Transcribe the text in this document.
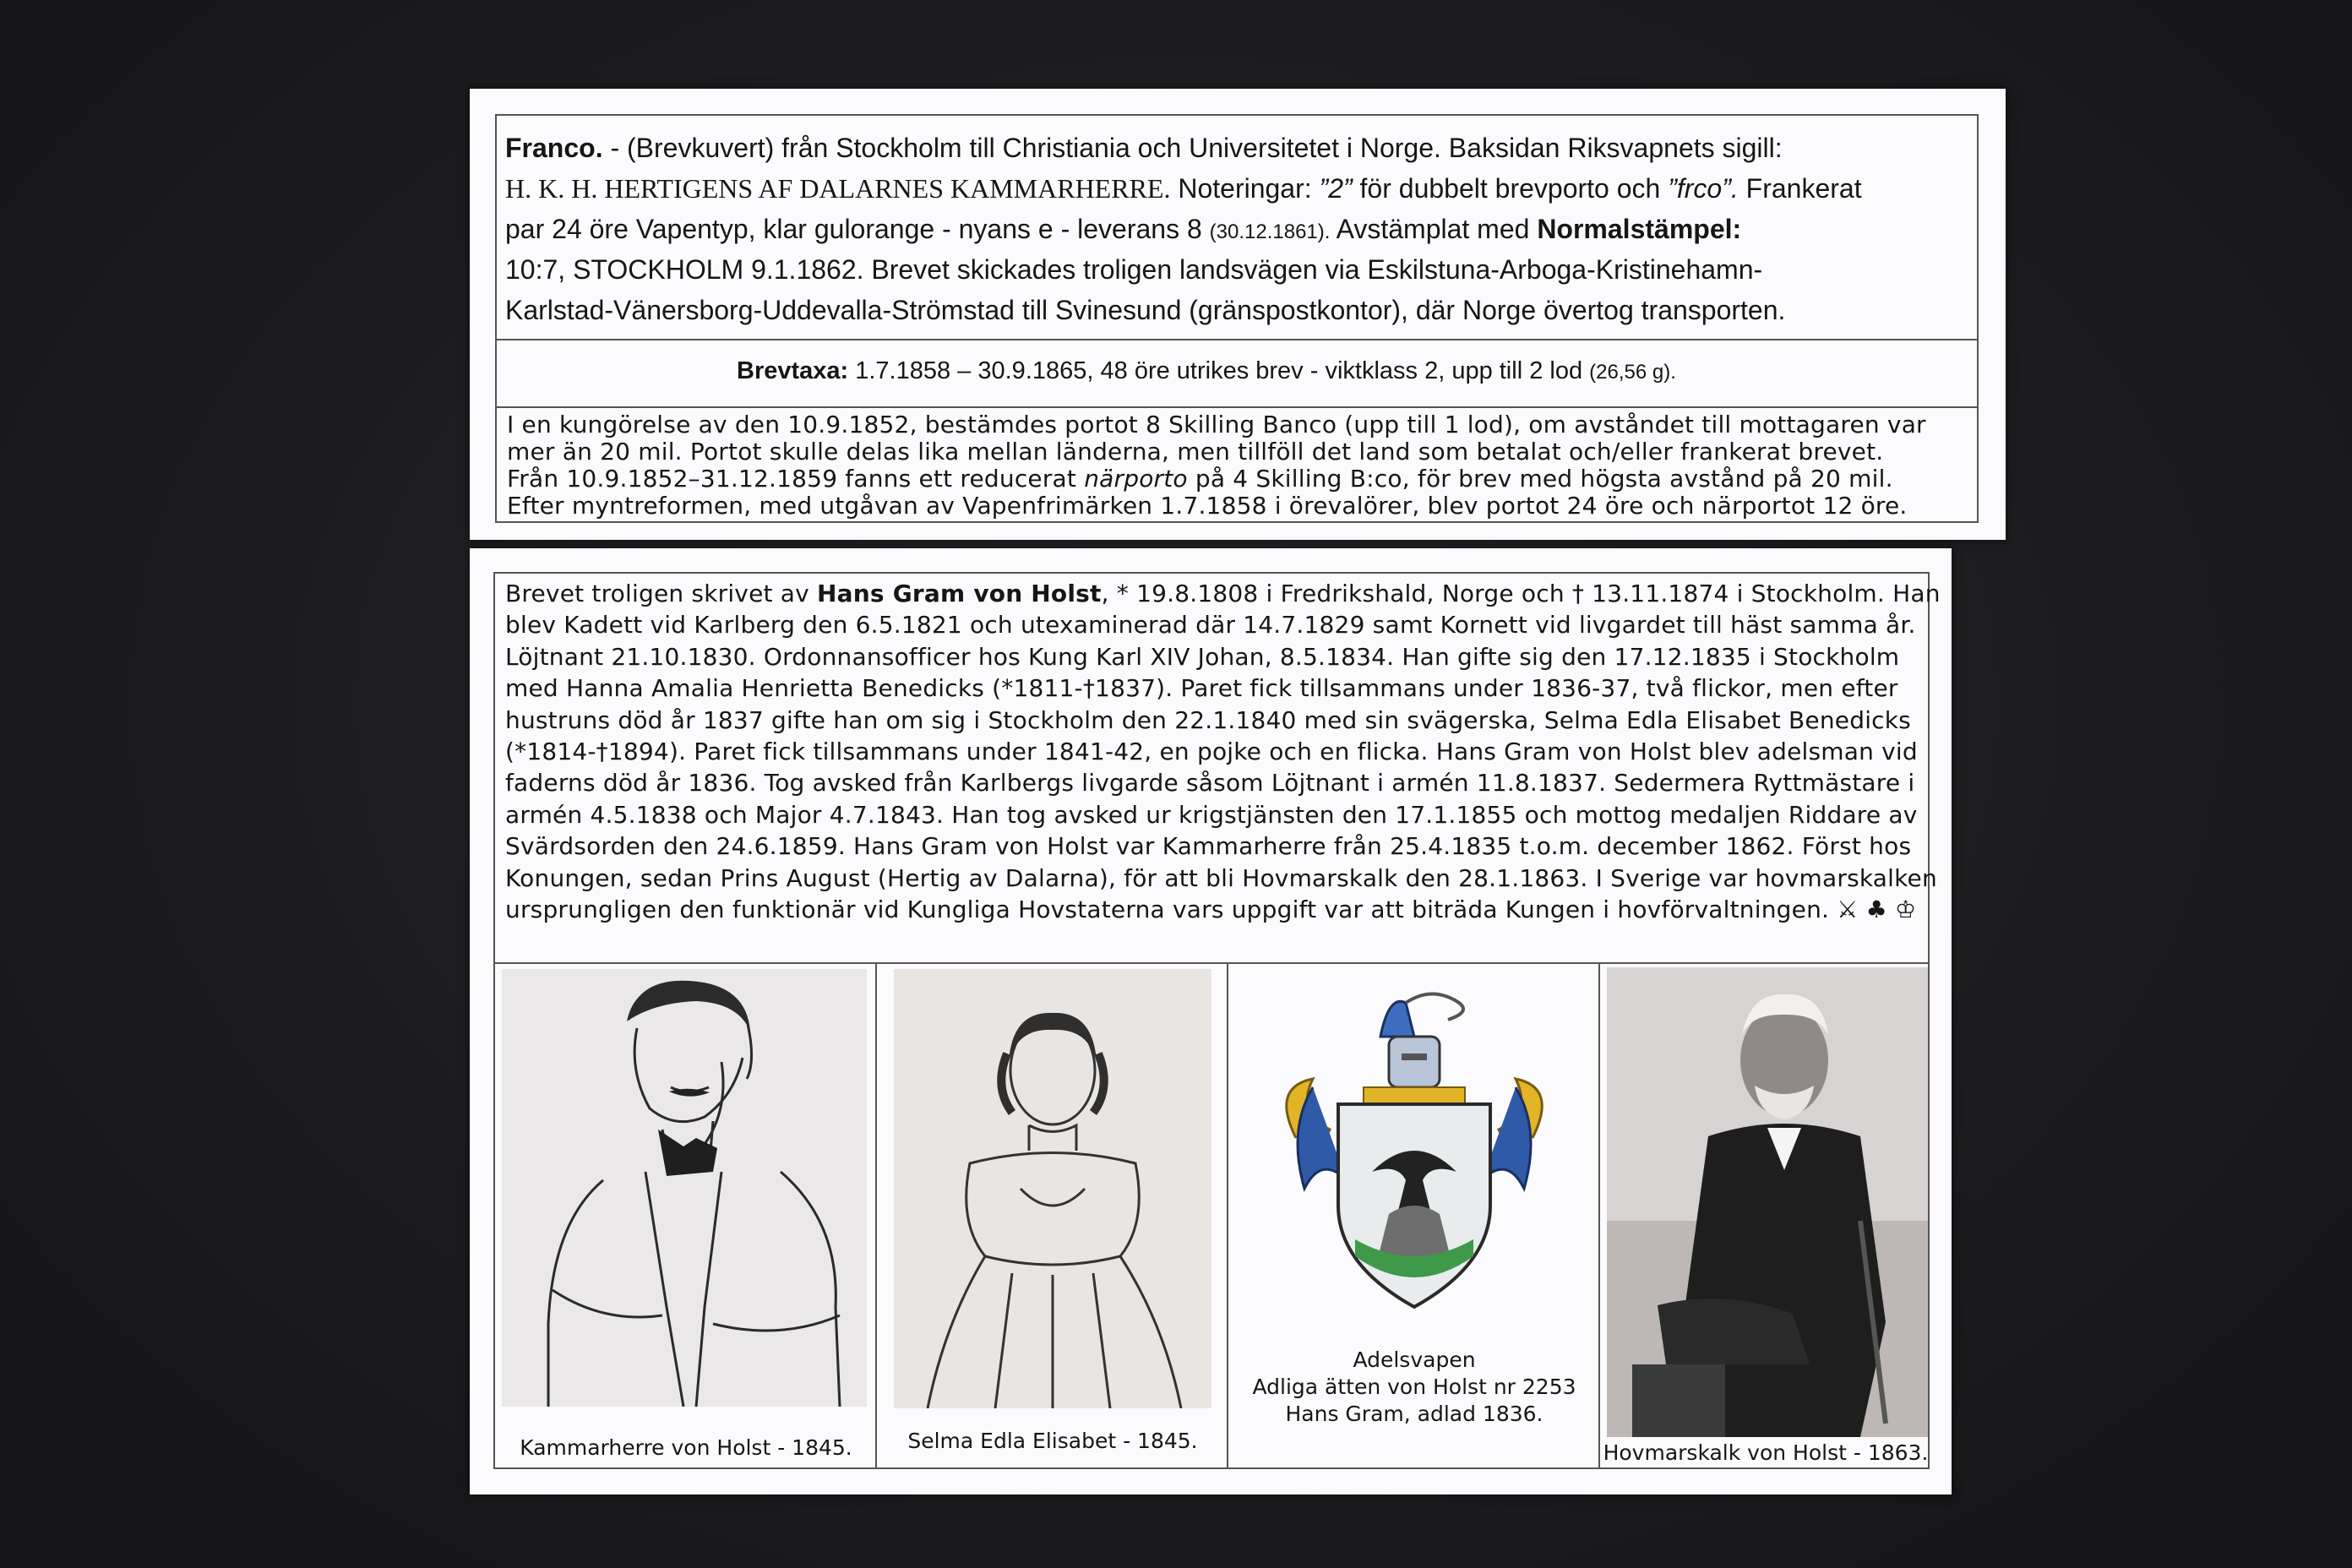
Franco. - (Brevkuvert) från Stockholm till Christiania och Universitetet i Norge. Baksidan Riksvapnets sigill:
H. K. H. HERTIGENS AF DALARNES KAMMARHERRE. Noteringar: ”2” för dubbelt brevporto och ”frco”. Frankerat
par 24 öre Vapentyp, klar gulorange - nyans e - leverans 8 (30.12.1861). Avstämplat med Normalstämpel:
10:7, STOCKHOLM 9.1.1862. Brevet skickades troligen landsvägen via Eskilstuna-Arboga-Kristinehamn-
Karlstad-Vänersborg-Uddevalla-Strömstad till Svinesund (gränspostkontor), där Norge övertog transporten.
Brevtaxa: 1.7.1858 – 30.9.1865, 48 öre utrikes brev - viktklass 2, upp till 2 lod (26,56 g).
I en kungörelse av den 10.9.1852, bestämdes portot 8 Skilling Banco (upp till 1 lod), om avståndet till mottagaren var
mer än 20 mil. Portot skulle delas lika mellan länderna, men tillföll det land som betalat och/eller frankerat brevet.
Från 10.9.1852–31.12.1859 fanns ett reducerat närporto på 4 Skilling B:co, för brev med högsta avstånd på 20 mil.
Efter myntreformen, med utgåvan av Vapenfrimärken 1.7.1858 i örevalörer, blev portot 24 öre och närportot 12 öre.
Brevet troligen skrivet av Hans Gram von Holst, * 19.8.1808 i Fredrikshald, Norge och † 13.11.1874 i Stockholm. Han
blev Kadett vid Karlberg den 6.5.1821 och utexaminerad där 14.7.1829 samt Kornett vid livgardet till häst samma år.
Löjtnant 21.10.1830. Ordonnansofficer hos Kung Karl XIV Johan, 8.5.1834. Han gifte sig den 17.12.1835 i Stockholm
med Hanna Amalia Henrietta Benedicks (*1811-†1837). Paret fick tillsammans under 1836-37, två flickor, men efter
hustruns död år 1837 gifte han om sig i Stockholm den 22.1.1840 med sin svägerska, Selma Edla Elisabet Benedicks
(*1814-†1894). Paret fick tillsammans under 1841-42, en pojke och en flicka. Hans Gram von Holst blev adelsman vid
faderns död år 1836. Tog avsked från Karlbergs livgarde såsom Löjtnant i armén 11.8.1837. Sedermera Ryttmästare i
armén 4.5.1838 och Major 4.7.1843. Han tog avsked ur krigstjänsten den 17.1.1855 och mottog medaljen Riddare av
Svärdsorden den 24.6.1859. Hans Gram von Holst var Kammarherre från 25.4.1835 t.o.m. december 1862. Först hos
Konungen, sedan Prins August (Hertig av Dalarna), för att bli Hovmarskalk den 28.1.1863. I Sverige var hovmarskalken
ursprungligen den funktionär vid Kungliga Hovstaterna vars uppgift var att biträda Kungen i hovförvaltningen. ⚔ ♣ ♔
Kammarherre von Holst - 1845.	Selma Edla Elisabet - 1845.
Adelsvapen
Adliga ätten von Holst nr 2253
Hans Gram, adlad 1836.
Hovmarskalk von Holst - 1863.
